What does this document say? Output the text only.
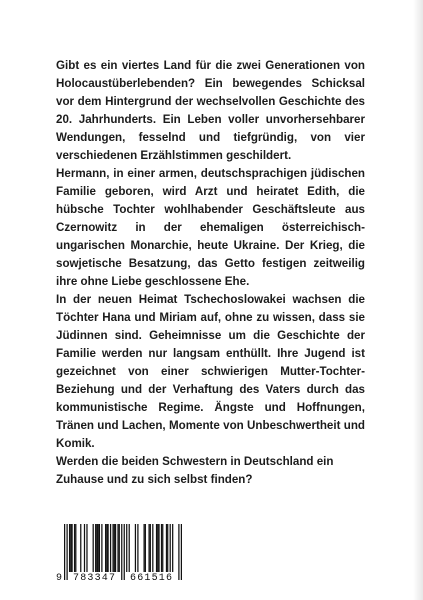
Gibt es ein viertes Land für die zwei Generationen von Holocaustüberlebenden? Ein bewegendes Schicksal vor dem Hintergrund der wechselvollen Geschichte des 20. Jahrhunderts. Ein Leben voller unvorhersehbarer Wendungen, fesselnd und tiefgründig, von vier verschiedenen Erzählstimmen geschildert.

Hermann, in einer armen, deutschsprachigen jüdischen Familie geboren, wird Arzt und heiratet Edith, die hübsche Tochter wohlhabender Geschäftsleute aus Czernowitz in der ehemaligen österreichisch-ungarischen Monarchie, heute Ukraine. Der Krieg, die sowjetische Besatzung, das Getto festigen zeitweilig ihre ohne Liebe geschlossene Ehe.

In der neuen Heimat Tschechoslowakei wachsen die Töchter Hana und Miriam auf, ohne zu wissen, dass sie Jüdinnen sind. Geheimnisse um die Geschichte der Familie werden nur langsam enthüllt. Ihre Jugend ist gezeichnet von einer schwierigen Mutter-Tochter-Beziehung und der Verhaftung des Vaters durch das kommunistische Regime. Ängste und Hoffnungen, Tränen und Lachen, Momente von Unbeschwertheit und Komik.

Werden die beiden Schwestern in Deutschland ein Zuhause und zu sich selbst finden?

9 783347 661516
